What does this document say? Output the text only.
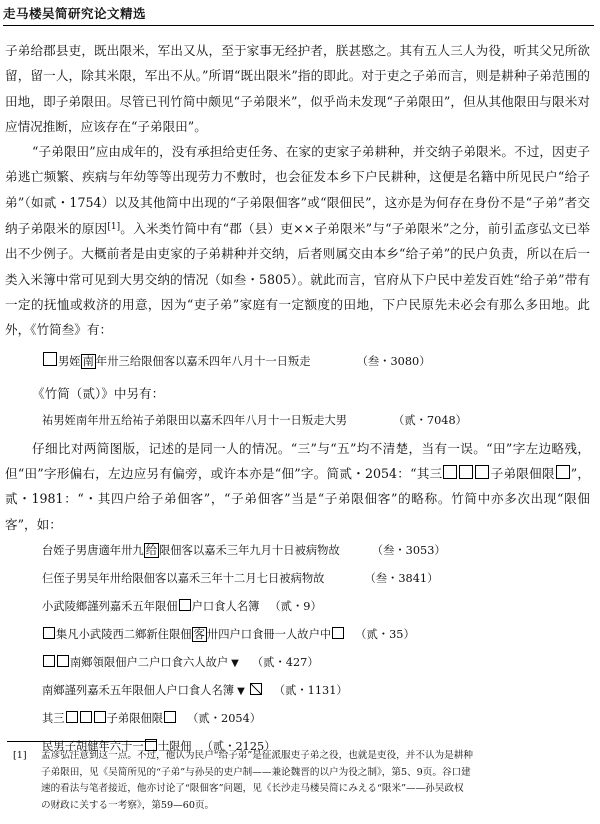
走马楼吴简研究论文精选

子弟给郡县吏，既出限米，军出又从，至于家事无经护者，朕甚愍之。其有五人三人为役，听其父兄所欲留，留一人，除其米限，军出不从。”所谓“既出限米”指的即此。对于吏之子弟而言，则是耕种子弟范围的田地，即子弟限田。尽管已刊竹简中颇见“子弟限米”，似乎尚未发现“子弟限田”，但从其他限田与限米对应情况推断，应该存在“子弟限田”。

“子弟限田”应由成年的，没有承担给吏任务、在家的吏家子弟耕种，并交纳子弟限米。不过，因吏子弟逃亡频繁、疾病与年幼等等出现劳力不敷时，也会征发本乡下户民耕种，这便是名籍中所见民户“给子弟”（如贰・1754）以及其他简中出现的“子弟限佃客”或“限佃民”，这亦是为何存在身份不是“子弟”者交纳子弟限米的原因[1]。入米类竹简中有“郡（县）吏××子弟限米”与“子弟限米”之分，前引孟彦弘文已举出不少例子。大概前者是由吏家的子弟耕种并交纳，后者则属交由本乡“给子弟”的民户负责，所以在后一类入米簿中常可见到大男交纳的情况（如叁・5805）。就此而言，官府从下户民中差发百姓“给子弟”带有一定的抚恤或救济的用意，因为“吏子弟”家庭有一定额度的田地，下户民原先未必会有那么多田地。此外，《竹简叁》有：

男姪 南 年卅三给限佃客以嘉禾四年八月十一日叛走	（叁・3080）

《竹简（贰）》中另有：

祐男姪南年卅五给祐子弟限田以嘉禾四年八月十一日叛走大男	（贰・7048）

仔细比对两简图版，记述的是同一人的情况。“三”与“五”均不清楚，当有一误。“田”字左边略残，但“田”字形偏右，左边应另有偏旁，或许本亦是“佃”字。简贰・2054：“其三	子弟限佃限 ”，贰・1981：“・其四户给子弟佃客”，“子弟佃客”当是“子弟限佃客”的略称。竹简中亦多次出现“限佃客”，如：

台姪子男唐適年卅九 给 限佃客以嘉禾三年九月十日被病物故	（叁・3053）
仨侄子男吴年卅给限佃客以嘉禾三年十二月七日被病物故	（叁・3841）
小武陵鄉謹列嘉禾五年限佃 户口食人名簿 （贰・9）
集凡小武陵西二鄉新住限佃 客 卅四户口食冊一人故户中 （贰・35）
南鄉領限佃户二户口食六人故户 ▼ （贰・427）
南鄉謹列嘉禾五年限佃人户口食人名簿 ▼ ☒ （贰・1131）
其三	子弟限佃限 （贰・2054）
民男子胡健年六十一 士限佃 （贰・2125）
[1] 孟彦弘注意到这一点。不过，他认为民户“给子弟”是征派服吏子弟之役，也就是吏役，并不认为是耕种
子弟限田，见《吴简所见的“子弟”与孙吴的吏户制——兼论魏晋的以户为役之制》，第5、9页。谷口建
速的看法与笔者接近，他亦讨论了“限佃客”问题，见《长沙走马楼吴简にみえる“限米”——孙吴政权
の财政に关する一考察》，第59—60页。
